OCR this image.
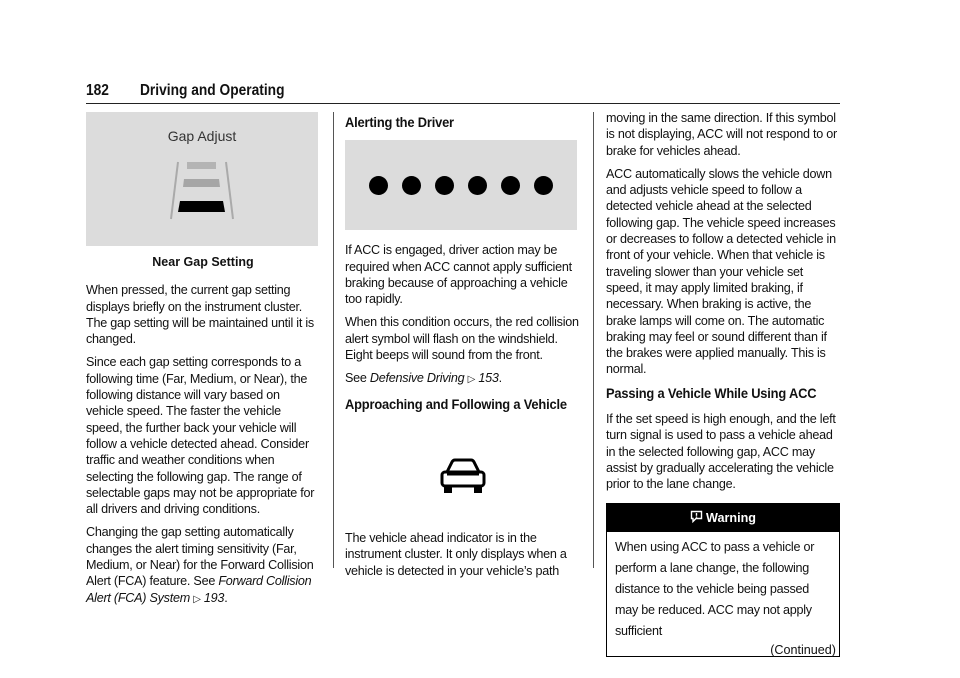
182 Driving and Operating
Gap Adjust
Near Gap Setting

When pressed, the current gap setting displays briefly on the instrument cluster. The gap setting will be maintained until it is changed.

Since each gap setting corresponds to a following time (Far, Medium, or Near), the following distance will vary based on vehicle speed. The faster the vehicle speed, the further back your vehicle will follow a vehicle detected ahead. Consider traffic and weather conditions when selecting the following gap. The range of selectable gaps may not be appropriate for all drivers and driving conditions.

Changing the gap setting automatically changes the alert timing sensitivity (Far, Medium, or Near) for the Forward Collision Alert (FCA) feature. See Forward Collision Alert (FCA) System ▷ 193.

Alerting the Driver

If ACC is engaged, driver action may be required when ACC cannot apply sufficient braking because of approaching a vehicle too rapidly.

When this condition occurs, the red collision alert symbol will flash on the windshield. Eight beeps will sound from the front.

See Defensive Driving ▷ 153.

Approaching and Following a Vehicle

The vehicle ahead indicator is in the instrument cluster. It only displays when a vehicle is detected in your vehicle’s path

moving in the same direction. If this symbol is not displaying, ACC will not respond to or brake for vehicles ahead.

ACC automatically slows the vehicle down and adjusts vehicle speed to follow a detected vehicle ahead at the selected following gap. The vehicle speed increases or decreases to follow a detected vehicle in front of your vehicle. When that vehicle is traveling slower than your vehicle set speed, it may apply limited braking, if necessary. When braking is active, the brake lamps will come on. The automatic braking may feel or sound different than if the brakes were applied manually. This is normal.

Passing a Vehicle While Using ACC

If the set speed is high enough, and the left turn signal is used to pass a vehicle ahead in the selected following gap, ACC may assist by gradually accelerating the vehicle prior to the lane change.

Warning
When using ACC to pass a vehicle or perform a lane change, the following distance to the vehicle being passed may be reduced. ACC may not apply sufficient
(Continued)
